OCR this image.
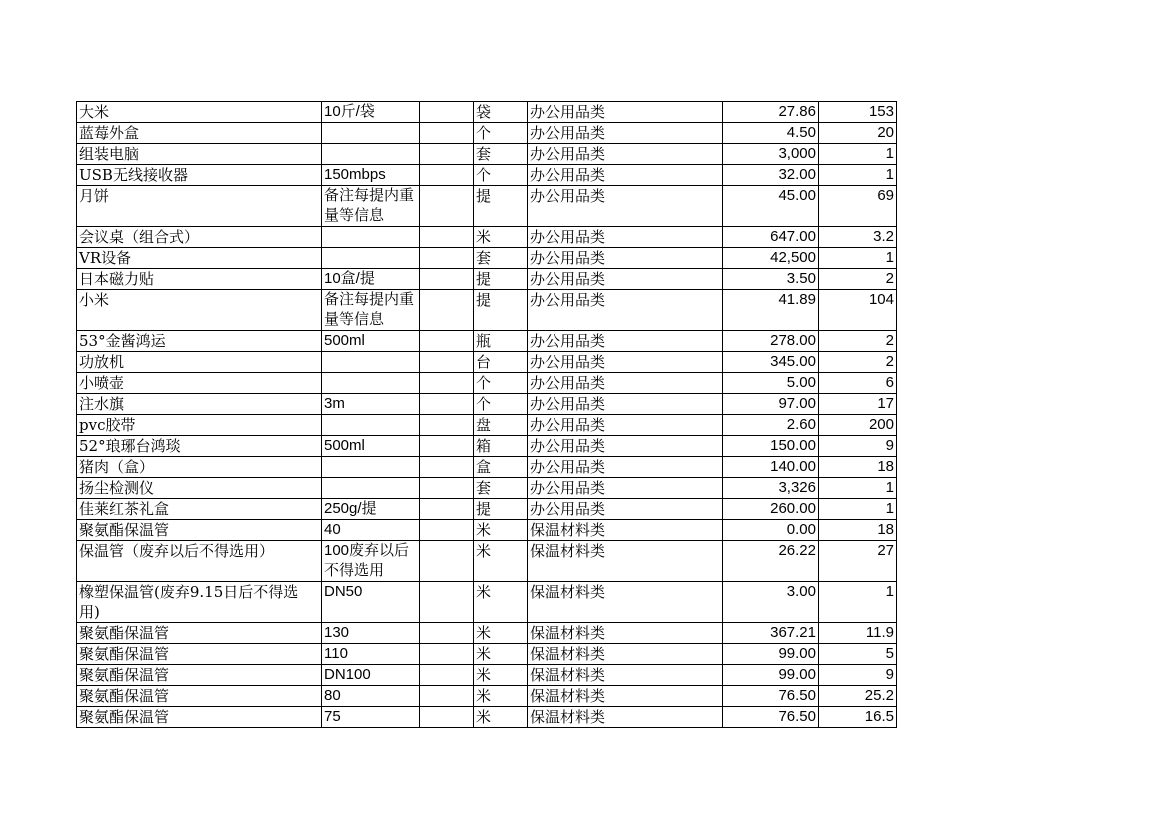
大米	10斤/袋		袋	办公用品类	27.86	153
蓝莓外盒			个	办公用品类	4.50	20
组装电脑			套	办公用品类	3,000	1
USB无线接收器	150mbps		个	办公用品类	32.00	1
月饼	备注每提内重量等信息		提	办公用品类	45.00	69
会议桌（组合式）			米	办公用品类	647.00	3.2
VR设备			套	办公用品类	42,500	1
日本磁力贴	10盒/提		提	办公用品类	3.50	2
小米	备注每提内重量等信息		提	办公用品类	41.89	104
53°金酱鸿运	500ml		瓶	办公用品类	278.00	2
功放机			台	办公用品类	345.00	2
小喷壶			个	办公用品类	5.00	6
注水旗	3m		个	办公用品类	97.00	17
pvc胶带			盘	办公用品类	2.60	200
52°琅琊台鸿琰	500ml		箱	办公用品类	150.00	9
猪肉（盒）			盒	办公用品类	140.00	18
扬尘检测仪			套	办公用品类	3,326	1
佳莱红茶礼盒	250g/提		提	办公用品类	260.00	1
聚氨酯保温管	40		米	保温材料类	0.00	18
保温管（废弃以后不得选用）	100废弃以后不得选用		米	保温材料类	26.22	27
橡塑保温管(废弃9.15日后不得选用)	DN50		米	保温材料类	3.00	1
聚氨酯保温管	130		米	保温材料类	367.21	11.9
聚氨酯保温管	110		米	保温材料类	99.00	5
聚氨酯保温管	DN100		米	保温材料类	99.00	9
聚氨酯保温管	80		米	保温材料类	76.50	25.2
聚氨酯保温管	75		米	保温材料类	76.50	16.5
